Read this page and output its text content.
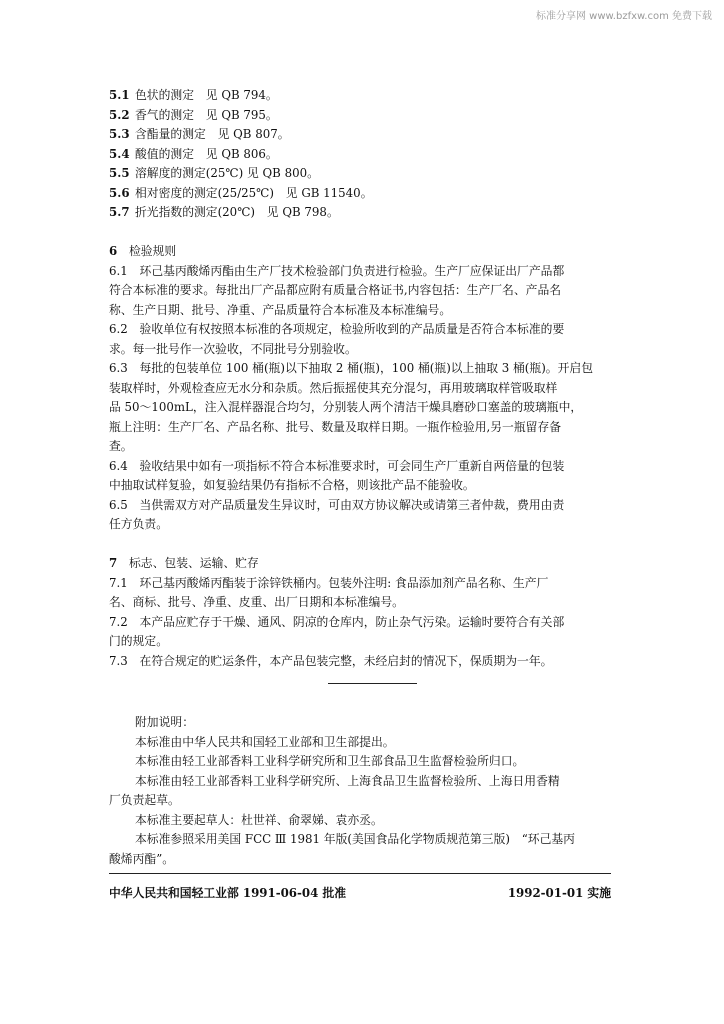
标准分享网 www.bzfxw.com 免费下载
5.1 色状的测定　见 QB 794。
5.2 香气的测定　见 QB 795。
5.3 含酯量的测定　见 QB 807。
5.4 酸值的测定　见 QB 806。
5.5 溶解度的测定(25℃) 见 QB 800。
5.6 相对密度的测定(25/25℃)　见 GB 11540。
5.7 折光指数的测定(20℃)　见 QB 798。
6 检验规则
6.1　环己基丙酸烯丙酯由生产厂技术检验部门负责进行检验。生产厂应保证出厂产品都
符合本标准的要求。每批出厂产品都应附有质量合格证书,内容包括：生产厂名、产品名
称、生产日期、批号、净重、产品质量符合本标准及本标准编号。
6.2　验收单位有权按照本标准的各项规定，检验所收到的产品质量是否符合本标准的要
求。每一批号作一次验收，不同批号分别验收。
6.3　每批的包装单位 100 桶(瓶)以下抽取 2 桶(瓶)，100 桶(瓶)以上抽取 3 桶(瓶)。开启包
装取样时，外观检查应无水分和杂质。然后振摇使其充分混匀，再用玻璃取样管吸取样
品 50～100mL，注入混样器混合均匀，分别装人两个清洁干燥具磨砂口塞盖的玻璃瓶中，
瓶上注明：生产厂名、产品名称、批号、数量及取样日期。一瓶作检验用,另一瓶留存备
查。
6.4　验收结果中如有一项指标不符合本标准要求时，可会同生产厂重新自两倍量的包装
中抽取试样复验，如复验结果仍有指标不合格，则该批产品不能验收。
6.5　当供需双方对产品质量发生异议时，可由双方协议解决或请第三者仲裁，费用由责
任方负责。
7 标志、包装、运输、贮存
7.1　环己基丙酸烯丙酯装于涂锌铁桶内。包装外注明: 食品添加剂产品名称、生产厂
名、商标、批号、净重、皮重、出厂日期和本标准编号。
7.2　本产品应贮存于干燥、通风、阴凉的仓库内，防止杂气污染。运输时要符合有关部
门的规定。
7.3　在符合规定的贮运条件，本产品包装完整，未经启封的情况下，保质期为一年。
附加说明：
本标准由中华人民共和国轻工业部和卫生部提出。
本标准由轻工业部香料工业科学研究所和卫生部食品卫生监督检验所归口。
本标准由轻工业部香料工业科学研究所、上海食品卫生监督检验所、上海日用香精
厂负责起草。
本标准主要起草人：杜世祥、俞翠娣、袁亦丞。
本标准参照采用美国 FCC Ⅲ 1981 年版(美国食品化学物质规范第三版)　“环己基丙
酸烯丙酯”。
中华人民共和国轻工业部 1991-06-04 批准	1992-01-01 实施
